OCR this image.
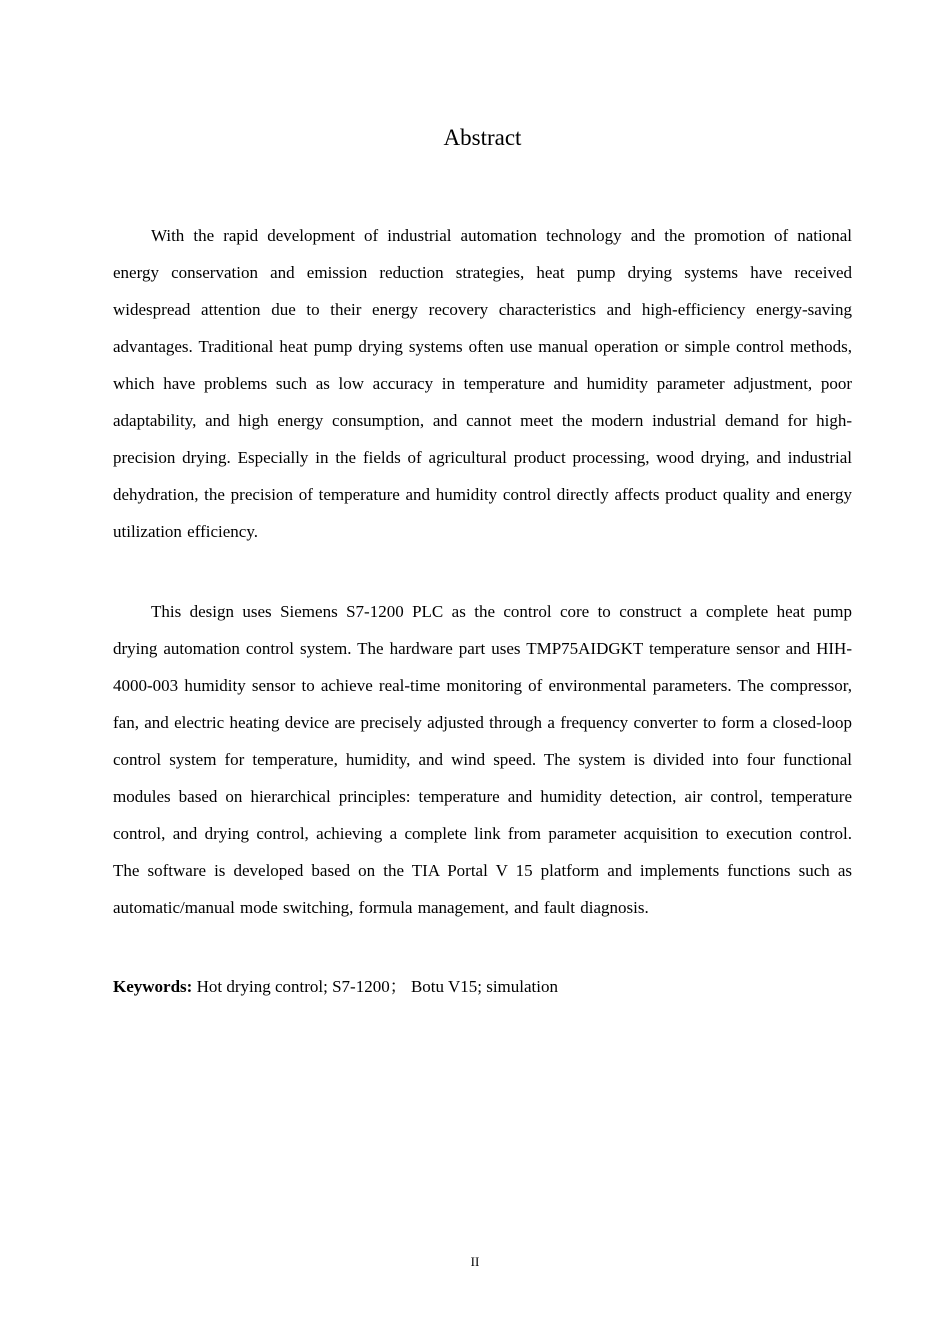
Abstract

With the rapid development of industrial automation technology and the promotion of national energy conservation and emission reduction strategies, heat pump drying systems have received widespread attention due to their energy recovery characteristics and high-efficiency energy-saving advantages. Traditional heat pump drying systems often use manual operation or simple control methods, which have problems such as low accuracy in temperature and humidity parameter adjustment, poor adaptability, and high energy consumption, and cannot meet the modern industrial demand for high-precision drying. Especially in the fields of agricultural product processing, wood drying, and industrial dehydration, the precision of temperature and humidity control directly affects product quality and energy utilization efficiency.

This design uses Siemens S7-1200 PLC as the control core to construct a complete heat pump drying automation control system. The hardware part uses TMP75AIDGKT temperature sensor and HIH-4000-003 humidity sensor to achieve real-time monitoring of environmental parameters. The compressor, fan, and electric heating device are precisely adjusted through a frequency converter to form a closed-loop control system for temperature, humidity, and wind speed. The system is divided into four functional modules based on hierarchical principles: temperature and humidity detection, air control, temperature control, and drying control, achieving a complete link from parameter acquisition to execution control. The software is developed based on the TIA Portal V 15 platform and implements functions such as automatic/manual mode switching, formula management, and fault diagnosis.

Keywords: Hot drying control; S7-1200； Botu V15; simulation

II
